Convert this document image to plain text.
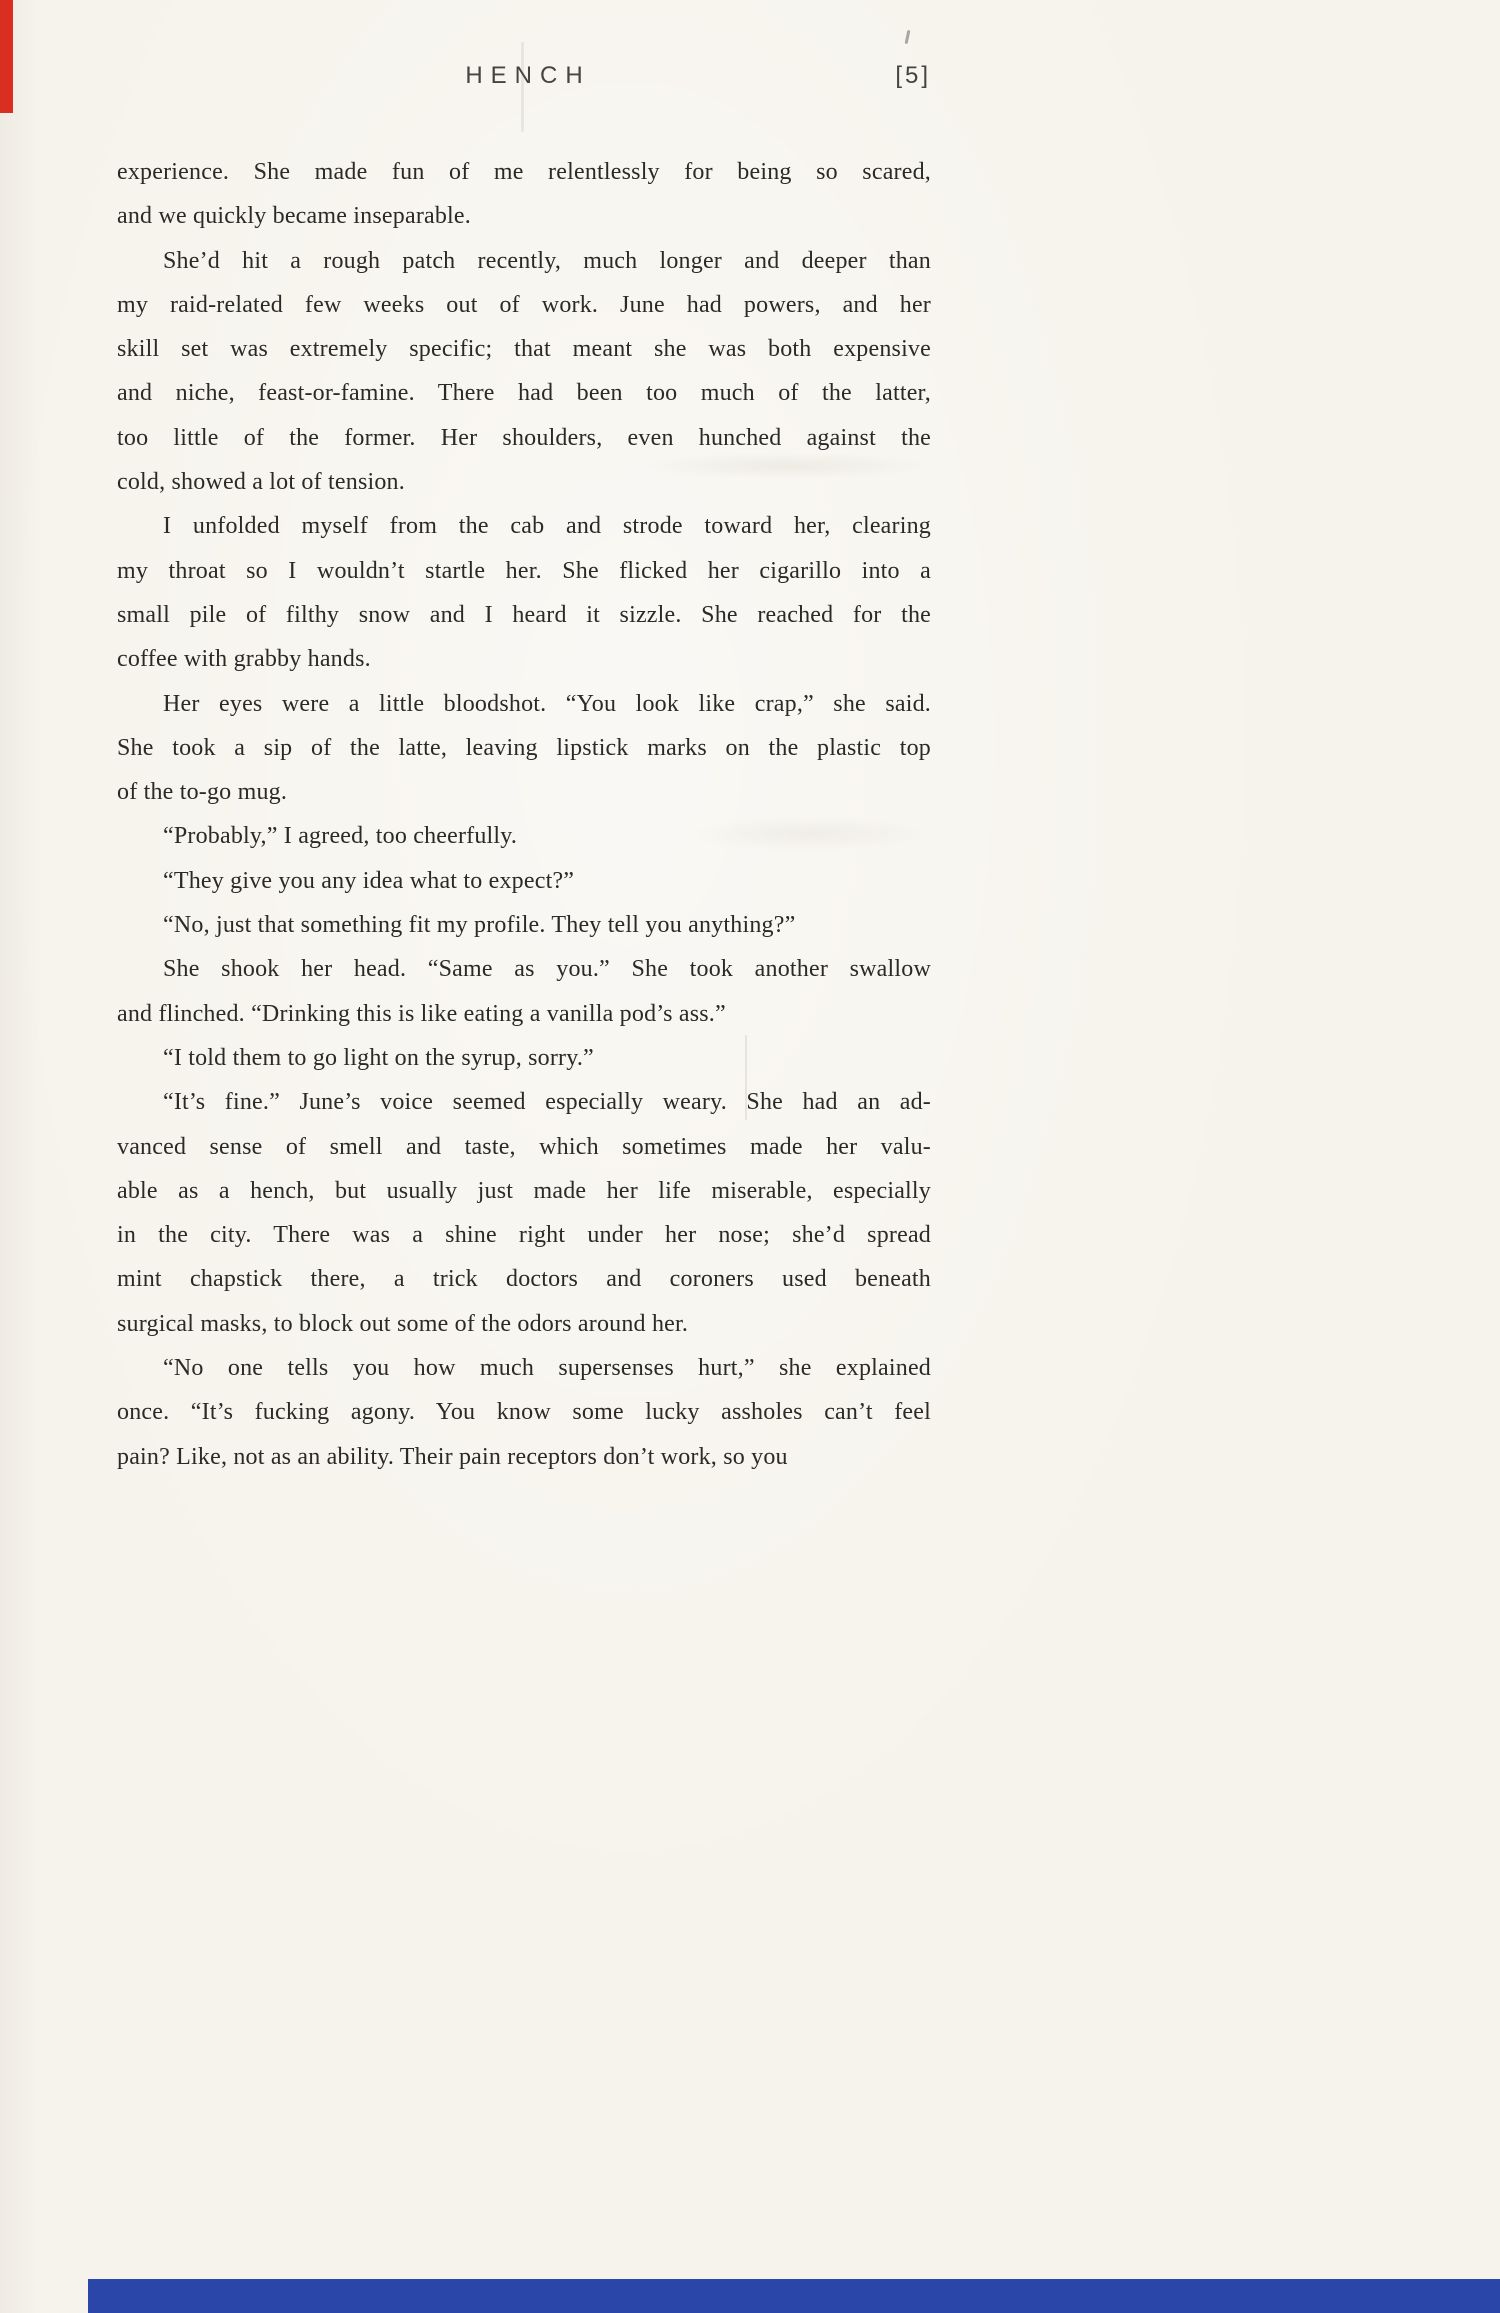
HENCH	[5]
experience. She made fun of me relentlessly for being so scared,
and we quickly became inseparable.
She’d hit a rough patch recently, much longer and deeper than
my raid-related few weeks out of work. June had powers, and her
skill set was extremely specific; that meant she was both expensive
and niche, feast-or-famine. There had been too much of the latter,
too little of the former. Her shoulders, even hunched against the
cold, showed a lot of tension.
I unfolded myself from the cab and strode toward her, clearing
my throat so I wouldn’t startle her. She flicked her cigarillo into a
small pile of filthy snow and I heard it sizzle. She reached for the
coffee with grabby hands.
Her eyes were a little bloodshot. “You look like crap,” she said.
She took a sip of the latte, leaving lipstick marks on the plastic top
of the to-go mug.
“Probably,” I agreed, too cheerfully.
“They give you any idea what to expect?”
“No, just that something fit my profile. They tell you anything?”
She shook her head. “Same as you.” She took another swallow
and flinched. “Drinking this is like eating a vanilla pod’s ass.”
“I told them to go light on the syrup, sorry.”
“It’s fine.” June’s voice seemed especially weary. She had an ad-
vanced sense of smell and taste, which sometimes made her valu-
able as a hench, but usually just made her life miserable, especially
in the city. There was a shine right under her nose; she’d spread
mint chapstick there, a trick doctors and coroners used beneath
surgical masks, to block out some of the odors around her.
“No one tells you how much supersenses hurt,” she explained
once. “It’s fucking agony. You know some lucky assholes can’t feel
pain? Like, not as an ability. Their pain receptors don’t work, so you
